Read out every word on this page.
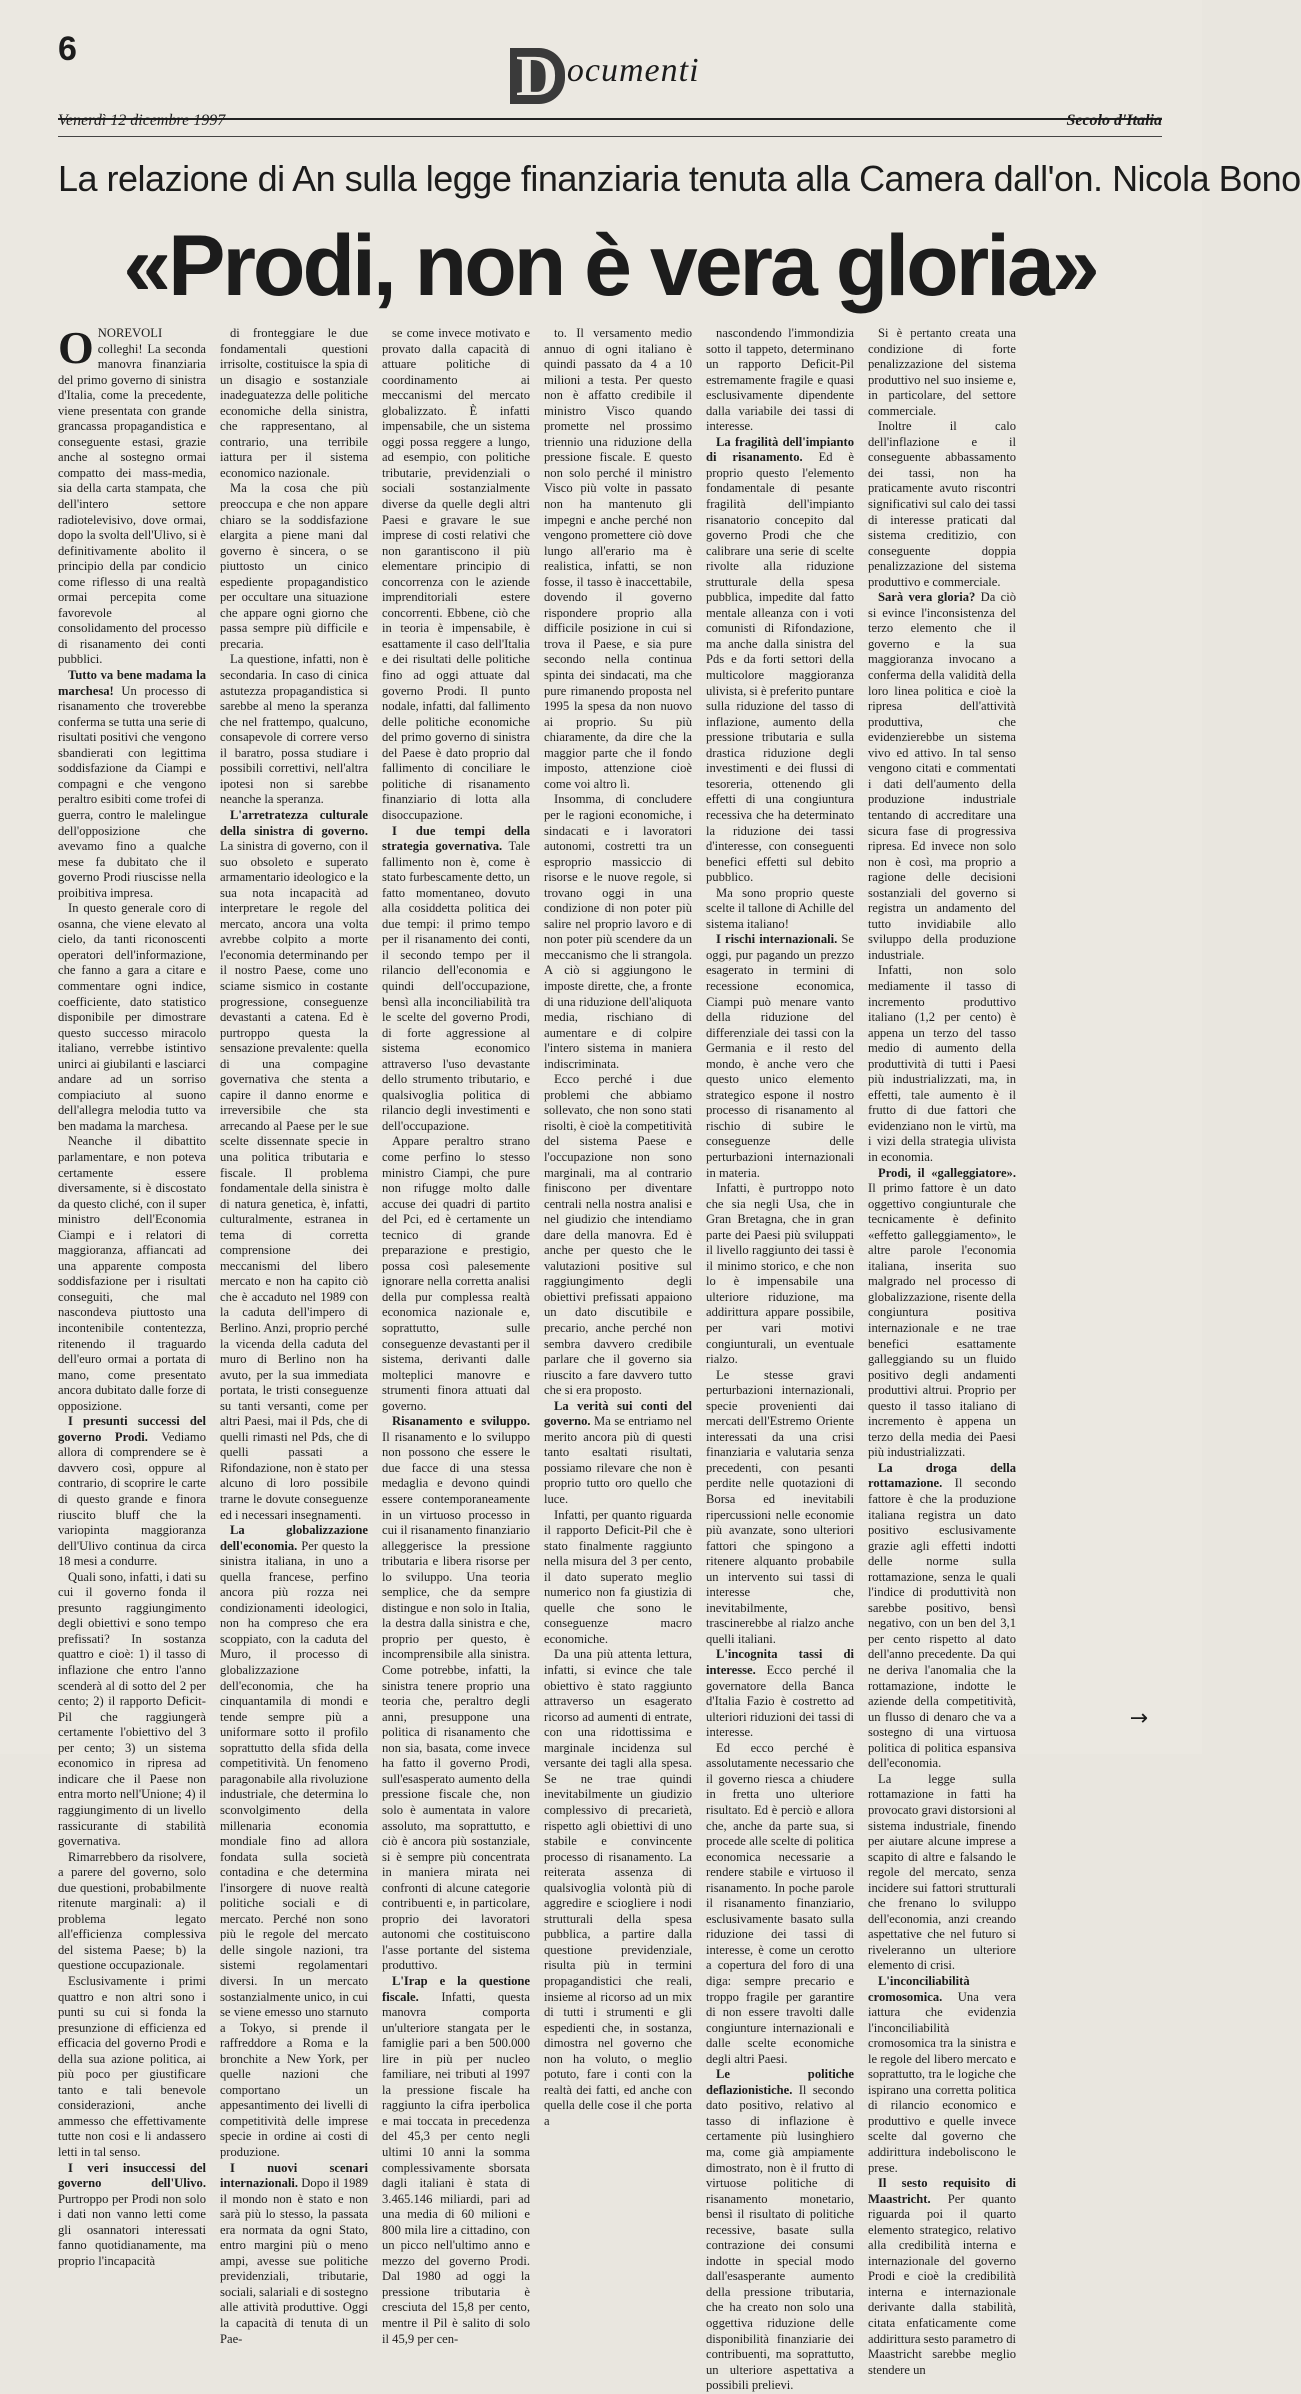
6	D ocumenti
Venerdì 12 dicembre 1997	Secolo d'Italia
La relazione di An sulla legge finanziaria tenuta alla Camera dall'on. Nicola Bono
«Prodi, non è vera gloria»

ONOREVOLI colleghi! La seconda manovra finanziaria del primo governo di sinistra d'Italia, come la precedente, viene presentata con grande grancassa propagandistica e conseguente estasi, grazie anche al sostegno ormai compatto dei mass-media, sia della carta stampata, che dell'intero settore radiotelevisivo, dove ormai, dopo la svolta dell'Ulivo, si è definitivamente abolito il principio della par condicio come riflesso di una realtà ormai percepita come favorevole al consolidamento del processo di risanamento dei conti pubblici.

Tutto va bene madama la marchesa! Un processo di risanamento che troverebbe conferma se tutta una serie di risultati positivi che vengono sbandierati con legittima soddisfazione da Ciampi e compagni e che vengono peraltro esibiti come trofei di guerra, contro le malelingue dell'opposizione che avevamo fino a qualche mese fa dubitato che il governo Prodi riuscisse nella proibitiva impresa.

In questo generale coro di osanna, che viene elevato al cielo, da tanti riconoscenti operatori dell'informazione, che fanno a gara a citare e commentare ogni indice, coefficiente, dato statistico disponibile per dimostrare questo successo miracolo italiano, verrebbe istintivo unirci ai giubilanti e lasciarci andare ad un sorriso compiaciuto al suono dell'allegra melodia tutto va ben madama la marchesa.

Neanche il dibattito parlamentare, e non poteva certamente essere diversamente, si è discostato da questo cliché, con il super ministro dell'Economia Ciampi e i relatori di maggioranza, affiancati ad una apparente composta soddisfazione per i risultati conseguiti, che mal nascondeva piuttosto una incontenibile contentezza, ritenendo il traguardo dell'euro ormai a portata di mano, come presentato ancora dubitato dalle forze di opposizione.

I presunti successi del governo Prodi. Vediamo allora di comprendere se è davvero così, oppure al contrario, di scoprire le carte di questo grande e finora riuscito bluff che la variopinta maggioranza dell'Ulivo continua da circa 18 mesi a condurre.

Quali sono, infatti, i dati su cui il governo fonda il presunto raggiungimento degli obiettivi e sono tempo prefissati? In sostanza quattro e cioè: 1) il tasso di inflazione che entro l'anno scenderà al di sotto del 2 per cento; 2) il rapporto Deficit-Pil che raggiungerà certamente l'obiettivo del 3 per cento; 3) un sistema economico in ripresa ad indicare che il Paese non entra morto nell'Unione; 4) il raggiungimento di un livello rassicurante di stabilità governativa.

Rimarrebbero da risolvere, a parere del governo, solo due questioni, probabilmente ritenute marginali: a) il problema legato all'efficienza complessiva del sistema Paese; b) la questione occupazionale.

Esclusivamente i primi quattro e non altri sono i punti su cui si fonda la presunzione di efficienza ed efficacia del governo Prodi e della sua azione politica, ai più poco per giustificare tanto e tali benevole considerazioni, anche ammesso che effettivamente tutte non cosi e li andassero letti in tal senso.

I veri insuccessi del governo dell'Ulivo. Purtroppo per Prodi non solo i dati non vanno letti come gli osannatori interessati fanno quotidianamente, ma proprio l'incapacità

di fronteggiare le due fondamentali questioni irrisolte, costituisce la spia di un disagio e sostanziale inadeguatezza delle politiche economiche della sinistra, che rappresentano, al contrario, una terribile iattura per il sistema economico nazionale.

Ma la cosa che più preoccupa e che non appare chiaro se la soddisfazione elargita a piene mani dal governo è sincera, o se piuttosto un cinico espediente propagandistico per occultare una situazione che appare ogni giorno che passa sempre più difficile e precaria.

La questione, infatti, non è secondaria. In caso di cinica astutezza propagandistica si sarebbe al meno la speranza che nel frattempo, qualcuno, consapevole di correre verso il baratro, possa studiare i possibili correttivi, nell'altra ipotesi non si sarebbe neanche la speranza.

L'arretratezza culturale della sinistra di governo. La sinistra di governo, con il suo obsoleto e superato armamentario ideologico e la sua nota incapacità ad interpretare le regole del mercato, ancora una volta avrebbe colpito a morte l'economia determinando per il nostro Paese, come uno sciame sismico in costante progressione, conseguenze devastanti a catena. Ed è purtroppo questa la sensazione prevalente: quella di una compagine governativa che stenta a capire il danno enorme e irreversibile che sta arrecando al Paese per le sue scelte dissennate specie in una politica tributaria e fiscale. Il problema fondamentale della sinistra è di natura genetica, è, infatti, culturalmente, estranea in tema di corretta comprensione dei meccanismi del libero mercato e non ha capito ciò che è accaduto nel 1989 con la caduta dell'impero di Berlino. Anzi, proprio perché la vicenda della caduta del muro di Berlino non ha avuto, per la sua immediata portata, le tristi conseguenze su tanti versanti, come per altri Paesi, mai il Pds, che di quelli rimasti nel Pds, che di quelli passati a Rifondazione, non è stato per alcuno di loro possibile trarne le dovute conseguenze ed i necessari insegnamenti.

La globalizzazione dell'economia. Per questo la sinistra italiana, in uno a quella francese, perfino ancora più rozza nei condizionamenti ideologici, non ha compreso che era scoppiato, con la caduta del Muro, il processo di globalizzazione dell'economia, che ha cinquantamila di mondi e tende sempre più a uniformare sotto il profilo soprattutto della sfida della competitività. Un fenomeno paragonabile alla rivoluzione industriale, che determina lo sconvolgimento della millenaria economia mondiale fino ad allora fondata sulla società contadina e che determina l'insorgere di nuove realtà politiche sociali e di mercato. Perché non sono più le regole del mercato delle singole nazioni, tra sistemi regolamentari diversi. In un mercato sostanzialmente unico, in cui se viene emesso uno starnuto a Tokyo, si prende il raffreddore a Roma e la bronchite a New York, per quelle nazioni che comportano un appesantimento dei livelli di competitività delle imprese specie in ordine ai costi di produzione.

I nuovi scenari internazionali. Dopo il 1989 il mondo non è stato e non sarà più lo stesso, la passata era normata da ogni Stato, entro margini più o meno ampi, avesse sue politiche previdenziali, tributarie, sociali, salariali e di sostegno alle attività produttive. Oggi la capacità di tenuta di un Pae-

se come invece motivato e provato dalla capacità di attuare politiche di coordinamento ai meccanismi del mercato globalizzato. È infatti impensabile, che un sistema oggi possa reggere a lungo, ad esempio, con politiche tributarie, previdenziali o sociali sostanzialmente diverse da quelle degli altri Paesi e gravare le sue imprese di costi relativi che non garantiscono il più elementare principio di concorrenza con le aziende imprenditoriali estere concorrenti. Ebbene, ciò che in teoria è impensabile, è esattamente il caso dell'Italia e dei risultati delle politiche fino ad oggi attuate dal governo Prodi. Il punto nodale, infatti, dal fallimento delle politiche economiche del primo governo di sinistra del Paese è dato proprio dal fallimento di conciliare le politiche di risanamento finanziario di lotta alla disoccupazione.

I due tempi della strategia governativa. Tale fallimento non è, come è stato furbescamente detto, un fatto momentaneo, dovuto alla cosiddetta politica dei due tempi: il primo tempo per il risanamento dei conti, il secondo tempo per il rilancio dell'economia e quindi dell'occupazione, bensì alla inconciliabilità tra le scelte del governo Prodi, di forte aggressione al sistema economico attraverso l'uso devastante dello strumento tributario, e qualsivoglia politica di rilancio degli investimenti e dell'occupazione.

Appare peraltro strano come perfino lo stesso ministro Ciampi, che pure non rifugge molto dalle accuse dei quadri di partito del Pci, ed è certamente un tecnico di grande preparazione e prestigio, possa così palesemente ignorare nella corretta analisi della pur complessa realtà economica nazionale e, soprattutto, sulle conseguenze devastanti per il sistema, derivanti dalle molteplici manovre e strumenti finora attuati dal governo.

Risanamento e sviluppo. Il risanamento e lo sviluppo non possono che essere le due facce di una stessa medaglia e devono quindi essere contemporaneamente in un virtuoso processo in cui il risanamento finanziario alleggerisce la pressione tributaria e libera risorse per lo sviluppo. Una teoria semplice, che da sempre distingue e non solo in Italia, la destra dalla sinistra e che, proprio per questo, è incomprensibile alla sinistra. Come potrebbe, infatti, la sinistra tenere proprio una teoria che, peraltro degli anni, presuppone una politica di risanamento che non sia, basata, come invece ha fatto il governo Prodi, sull'esasperato aumento della pressione fiscale che, non solo è aumentata in valore assoluto, ma soprattutto, e ciò è ancora più sostanziale, si è sempre più concentrata in maniera mirata nei confronti di alcune categorie contribuenti e, in particolare, proprio dei lavoratori autonomi che costituiscono l'asse portante del sistema produttivo.

L'Irap e la questione fiscale. Infatti, questa manovra comporta un'ulteriore stangata per le famiglie pari a ben 500.000 lire in più per nucleo familiare, nei tributi al 1997 la pressione fiscale ha raggiunto la cifra iperbolica e mai toccata in precedenza del 45,3 per cento negli ultimi 10 anni la somma complessivamente sborsata dagli italiani è stata di 3.465.146 miliardi, pari ad una media di 60 milioni e 800 mila lire a cittadino, con un picco nell'ultimo anno e mezzo del governo Prodi. Dal 1980 ad oggi la pressione tributaria è cresciuta del 15,8 per cento, mentre il Pil è salito di solo il 45,9 per cen-

to. Il versamento medio annuo di ogni italiano è quindi passato da 4 a 10 milioni a testa. Per questo non è affatto credibile il ministro Visco quando promette nel prossimo triennio una riduzione della pressione fiscale. E questo non solo perché il ministro Visco più volte in passato non ha mantenuto gli impegni e anche perché non vengono promettere ciò dove lungo all'erario ma è realistica, infatti, se non fosse, il tasso è inaccettabile, dovendo il governo rispondere proprio alla difficile posizione in cui si trova il Paese, e sia pure secondo nella continua spinta dei sindacati, ma che pure rimanendo proposta nel 1995 la spesa da non nuovo ai proprio. Su più chiaramente, da dire che la maggior parte che il fondo imposto, attenzione cioè come voi altro lì.

Insomma, di concludere per le ragioni economiche, i sindacati e i lavoratori autonomi, costretti tra un esproprio massiccio di risorse e le nuove regole, si trovano oggi in una condizione di non poter più salire nel proprio lavoro e di non poter più scendere da un meccanismo che li strangola. A ciò si aggiungono le imposte dirette, che, a fronte di una riduzione dell'aliquota media, rischiano di aumentare e di colpire l'intero sistema in maniera indiscriminata.

Ecco perché i due problemi che abbiamo sollevato, che non sono stati risolti, è cioè la competitività del sistema Paese e l'occupazione non sono marginali, ma al contrario finiscono per diventare centrali nella nostra analisi e nel giudizio che intendiamo dare della manovra. Ed è anche per questo che le valutazioni positive sul raggiungimento degli obiettivi prefissati appaiono un dato discutibile e precario, anche perché non sembra davvero credibile parlare che il governo sia riuscito a fare davvero tutto che si era proposto.

La verità sui conti del governo. Ma se entriamo nel merito ancora più di questi tanto esaltati risultati, possiamo rilevare che non è proprio tutto oro quello che luce.

Infatti, per quanto riguarda il rapporto Deficit-Pil che è stato finalmente raggiunto nella misura del 3 per cento, il dato superato meglio numerico non fa giustizia di quelle che sono le conseguenze macro economiche.

Da una più attenta lettura, infatti, si evince che tale obiettivo è stato raggiunto attraverso un esagerato ricorso ad aumenti di entrate, con una ridottissima e marginale incidenza sul versante dei tagli alla spesa. Se ne trae quindi inevitabilmente un giudizio complessivo di precarietà, rispetto agli obiettivi di uno stabile e convincente processo di risanamento. La reiterata assenza di qualsivoglia volontà più di aggredire e sciogliere i nodi strutturali della spesa pubblica, a partire dalla questione previdenziale, risulta più in termini propagandistici che reali, insieme al ricorso ad un mix di tutti i strumenti e gli espedienti che, in sostanza, dimostra nel governo che non ha voluto, o meglio potuto, fare i conti con la realtà dei fatti, ed anche con quella delle cose il che porta a

nascondendo l'immondizia sotto il tappeto, determinano un rapporto Deficit-Pil estremamente fragile e quasi esclusivamente dipendente dalla variabile dei tassi di interesse.

La fragilità dell'impianto di risanamento. Ed è proprio questo l'elemento fondamentale di pesante fragilità dell'impianto risanatorio concepito dal governo Prodi che che calibrare una serie di scelte rivolte alla riduzione strutturale della spesa pubblica, impedite dal fatto mentale alleanza con i voti comunisti di Rifondazione, ma anche dalla sinistra del Pds e da forti settori della multicolore maggioranza ulivista, si è preferito puntare sulla riduzione del tasso di inflazione, aumento della pressione tributaria e sulla drastica riduzione degli investimenti e dei flussi di tesoreria, ottenendo gli effetti di una congiuntura recessiva che ha determinato la riduzione dei tassi d'interesse, con conseguenti benefici effetti sul debito pubblico.

Ma sono proprio queste scelte il tallone di Achille del sistema italiano!

I rischi internazionali. Se oggi, pur pagando un prezzo esagerato in termini di recessione economica, Ciampi può menare vanto della riduzione del differenziale dei tassi con la Germania e il resto del mondo, è anche vero che questo unico elemento strategico espone il nostro processo di risanamento al rischio di subire le conseguenze delle perturbazioni internazionali in materia.

Infatti, è purtroppo noto che sia negli Usa, che in Gran Bretagna, che in gran parte dei Paesi più sviluppati il livello raggiunto dei tassi è il minimo storico, e che non lo è impensabile una ulteriore riduzione, ma addirittura appare possibile, per vari motivi congiunturali, un eventuale rialzo.

Le stesse gravi perturbazioni internazionali, specie provenienti dai mercati dell'Estremo Oriente interessati da una crisi finanziaria e valutaria senza precedenti, con pesanti perdite nelle quotazioni di Borsa ed inevitabili ripercussioni nelle economie più avanzate, sono ulteriori fattori che spingono a ritenere alquanto probabile un intervento sui tassi di interesse che, inevitabilmente, trascinerebbe al rialzo anche quelli italiani.

L'incognita tassi di interesse. Ecco perché il governatore della Banca d'Italia Fazio è costretto ad ulteriori riduzioni dei tassi di interesse.

Ed ecco perché è assolutamente necessario che il governo riesca a chiudere in fretta uno ulteriore risultato. Ed è perciò e allora che, anche da parte sua, si procede alle scelte di politica economica necessarie a rendere stabile e virtuoso il risanamento. In poche parole il risanamento finanziario, esclusivamente basato sulla riduzione dei tassi di interesse, è come un cerotto a copertura del foro di una diga: sempre precario e troppo fragile per garantire di non essere travolti dalle congiunture internazionali e dalle scelte economiche degli altri Paesi.

Le politiche deflazionistiche. Il secondo dato positivo, relativo al tasso di inflazione è certamente più lusinghiero ma, come già ampiamente dimostrato, non è il frutto di virtuose politiche di risanamento monetario, bensì il risultato di politiche recessive, basate sulla contrazione dei consumi indotte in special modo dall'esasperante aumento della pressione tributaria, che ha creato non solo una oggettiva riduzione delle disponibilità finanziarie dei contribuenti, ma soprattutto, un ulteriore aspettativa a possibili prelievi.

Si è pertanto creata una condizione di forte penalizzazione del sistema produttivo nel suo insieme e, in particolare, del settore commerciale.

Inoltre il calo dell'inflazione e il conseguente abbassamento dei tassi, non ha praticamente avuto riscontri significativi sul calo dei tassi di interesse praticati dal sistema creditizio, con conseguente doppia penalizzazione del sistema produttivo e commerciale.

Sarà vera gloria? Da ciò si evince l'inconsistenza del terzo elemento che il governo e la sua maggioranza invocano a conferma della validità della loro linea politica e cioè la ripresa dell'attività produttiva, che evidenzierebbe un sistema vivo ed attivo. In tal senso vengono citati e commentati i dati dell'aumento della produzione industriale tentando di accreditare una sicura fase di progressiva ripresa. Ed invece non solo non è così, ma proprio a ragione delle decisioni sostanziali del governo si registra un andamento del tutto invidiabile allo sviluppo della produzione industriale.

Infatti, non solo mediamente il tasso di incremento produttivo italiano (1,2 per cento) è appena un terzo del tasso medio di aumento della produttività di tutti i Paesi più industrializzati, ma, in effetti, tale aumento è il frutto di due fattori che evidenziano non le virtù, ma i vizi della strategia ulivista in economia.

Prodi, il «galleggiatore». Il primo fattore è un dato oggettivo congiunturale che tecnicamente è definito «effetto galleggiamento», le altre parole l'economia italiana, inserita suo malgrado nel processo di globalizzazione, risente della congiuntura positiva internazionale e ne trae benefici esattamente galleggiando su un fluido positivo degli andamenti produttivi altrui. Proprio per questo il tasso italiano di incremento è appena un terzo della media dei Paesi più industrializzati.

La droga della rottamazione. Il secondo fattore è che la produzione italiana registra un dato positivo esclusivamente grazie agli effetti indotti delle norme sulla rottamazione, senza le quali l'indice di produttività non sarebbe positivo, bensì negativo, con un ben del 3,1 per cento rispetto al dato dell'anno precedente. Da qui ne deriva l'anomalia che la rottamazione, indotte le aziende della competitività, un flusso di denaro che va a sostegno di una virtuosa politica di politica espansiva dell'economia.

La legge sulla rottamazione in fatti ha provocato gravi distorsioni al sistema industriale, finendo per aiutare alcune imprese a scapito di altre e falsando le regole del mercato, senza incidere sui fattori strutturali che frenano lo sviluppo dell'economia, anzi creando aspettative che nel futuro si riveleranno un ulteriore elemento di crisi.

L'inconciliabilità cromosomica. Una vera iattura che evidenzia l'inconciliabilità cromosomica tra la sinistra e le regole del libero mercato e soprattutto, tra le logiche che ispirano una corretta politica di rilancio economico e produttivo e quelle invece scelte dal governo che addirittura indeboliscono le prese.

Il sesto requisito di Maastricht. Per quanto riguarda poi il quarto elemento strategico, relativo alla credibilità interna e internazionale del governo Prodi e cioè la credibilità interna e internazionale derivante dalla stabilità, citata enfaticamente come addirittura sesto parametro di Maastricht sarebbe meglio stendere un

→
